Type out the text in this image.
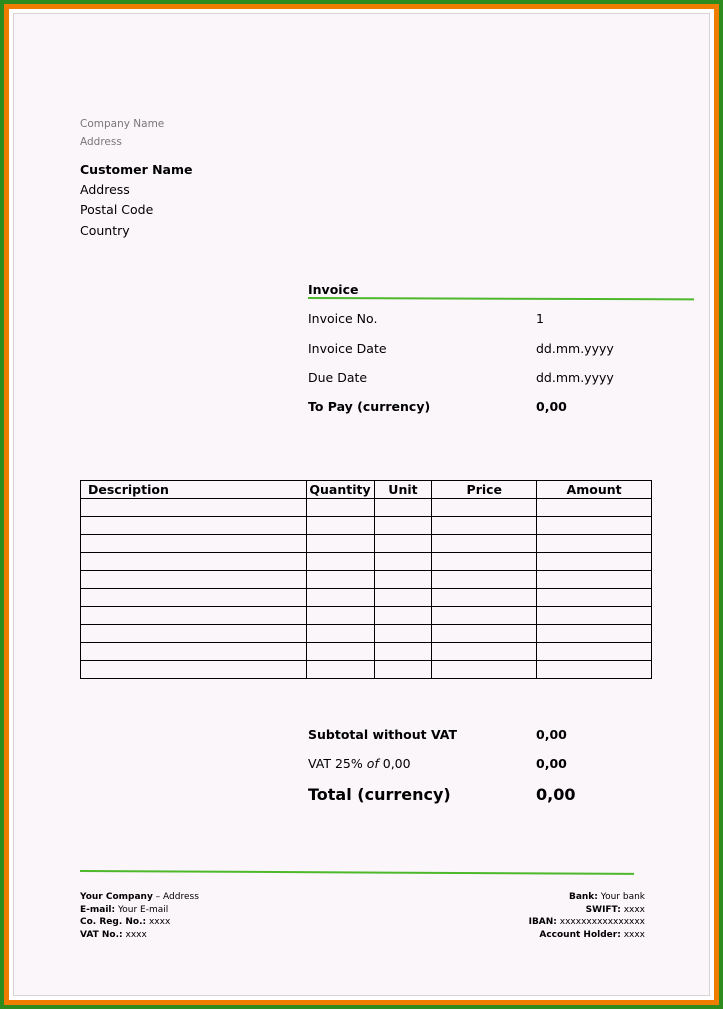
Company Name
Address
Customer Name
Address
Postal Code
Country
Invoice
Invoice No.	1
Invoice Date	dd.mm.yyyy
Due Date	dd.mm.yyyy
To Pay (currency)	0,00
Description	Quantity	Unit	Price	Amount

Subtotal without VAT	0,00
VAT 25% of 0,00	0,00
Total (currency)	0,00
Your Company – Address
E-mail: Your E-mail
Co. Reg. No.: xxxx
VAT No.: xxxx
Bank: Your bank
SWIFT: xxxx
IBAN: xxxxxxxxxxxxxxxx
Account Holder: xxxx
